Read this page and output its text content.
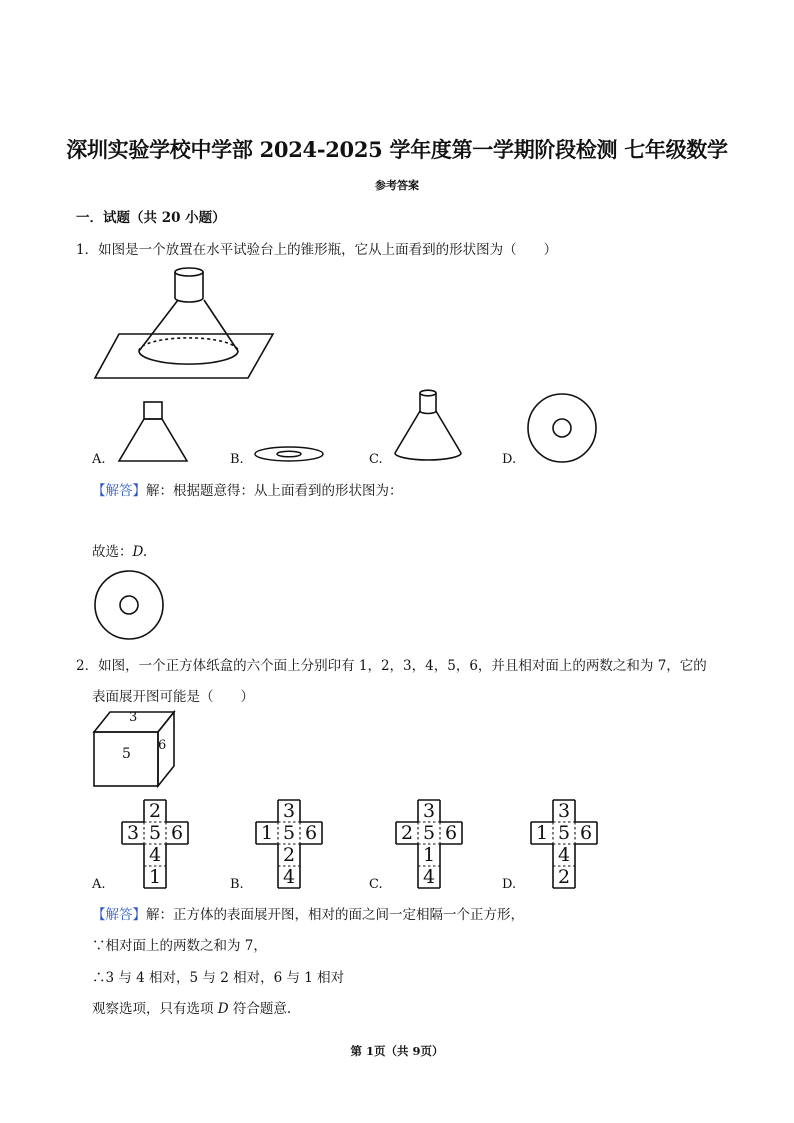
深圳实验学校中学部 2024-2025 学年度第一学期阶段检测 七年级数学
参考答案
一．试题（共 20 小题）
1．如图是一个放置在水平试验台上的锥形瓶，它从上面看到的形状图为（　　）
A.	B.	C.	D.
【解答】解：根据题意得：从上面看到的形状图为：
故选：D.
2．如图，一个正方体纸盒的六个面上分别印有 1，2，3，4，5，6，并且相对面上的两数之和为 7，它的
表面展开图可能是（　　）
3
5
6
2
3 5 6
4
1
3
1 5 6
2
4
3
2 5 6
1
4
3
1 5 6
4
2
A.	B.	C.	D.
【解答】解：正方体的表面展开图，相对的面之间一定相隔一个正方形，
∵相对面上的两数之和为 7，
∴3 与 4 相对，5 与 2 相对，6 与 1 相对
观察选项，只有选项 D 符合题意.
第 1页（共 9页）
